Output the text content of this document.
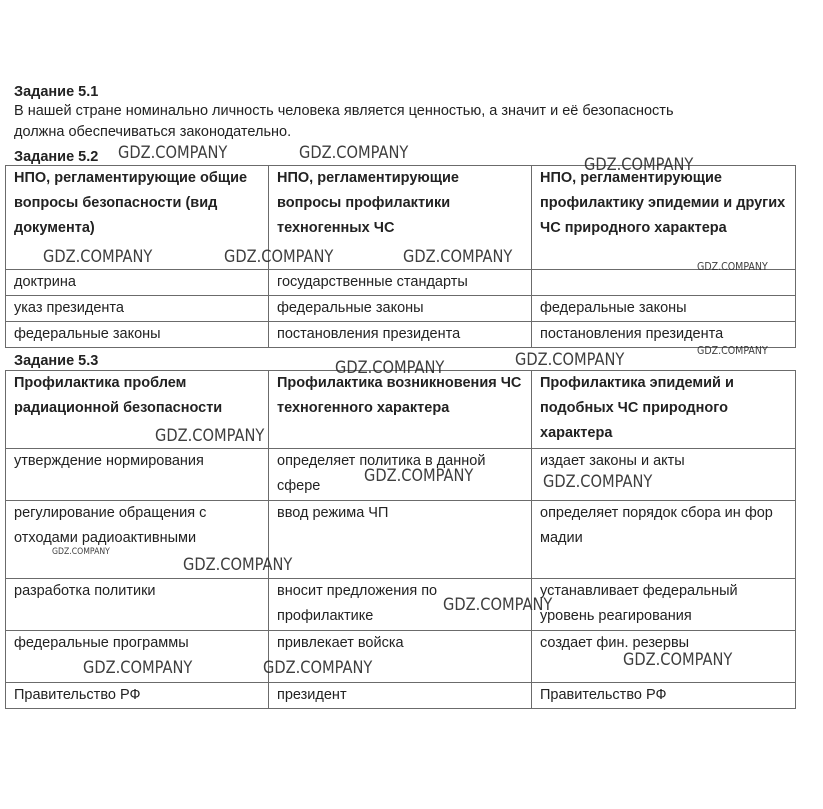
Задание 5.1
В нашей стране номинально личность человека является ценностью, а значит и её безопасность
должна обеспечиваться законодательно.
Задание 5.2
НПО, регламентирующие общие вопросы безопасности (вид документа)	НПО, регламентирующие вопросы профилактики техногенных ЧС	НПО, регламентирующие профилактику эпидемии и других ЧС природного характера
доктрина	государственные стандарты	
указ президента	федеральные законы	федеральные законы
федеральные законы	постановления президента	постановления президента
Задание 5.3
Профилактика проблем радиационной безопасности	Профилактика возникновения ЧС техногенного характера	Профилактика эпидемий и подобных ЧС природного характера
утверждение нормирования	определяет политика в данной сфере	издает законы и акты
регулирование обращения с отходами радиоактивными	ввод режима ЧП	определяет порядок сбора ин фор мадии
разработка политики	вносит предложения по профилактике	устанавливает федеральный уровень реагирования
федеральные программы	привлекает войска	создает фин. резервы
Правительство РФ	президент	Правительство РФ
GDZ.COMPANY	GDZ.COMPANY
GDZ.COMPANY
GDZ.COMPANY	GDZ.COMPANY	GDZ.COMPANY	GDZ.COMPANY
GDZ.COMPANY
GDZ.COMPANY	GDZ.COMPANY
GDZ.COMPANY
GDZ.COMPANY	GDZ.COMPANY
GDZ.COMPANY
GDZ.COMPANY
GDZ.COMPANY
GDZ.COMPANY
GDZ.COMPANY	GDZ.COMPANY
